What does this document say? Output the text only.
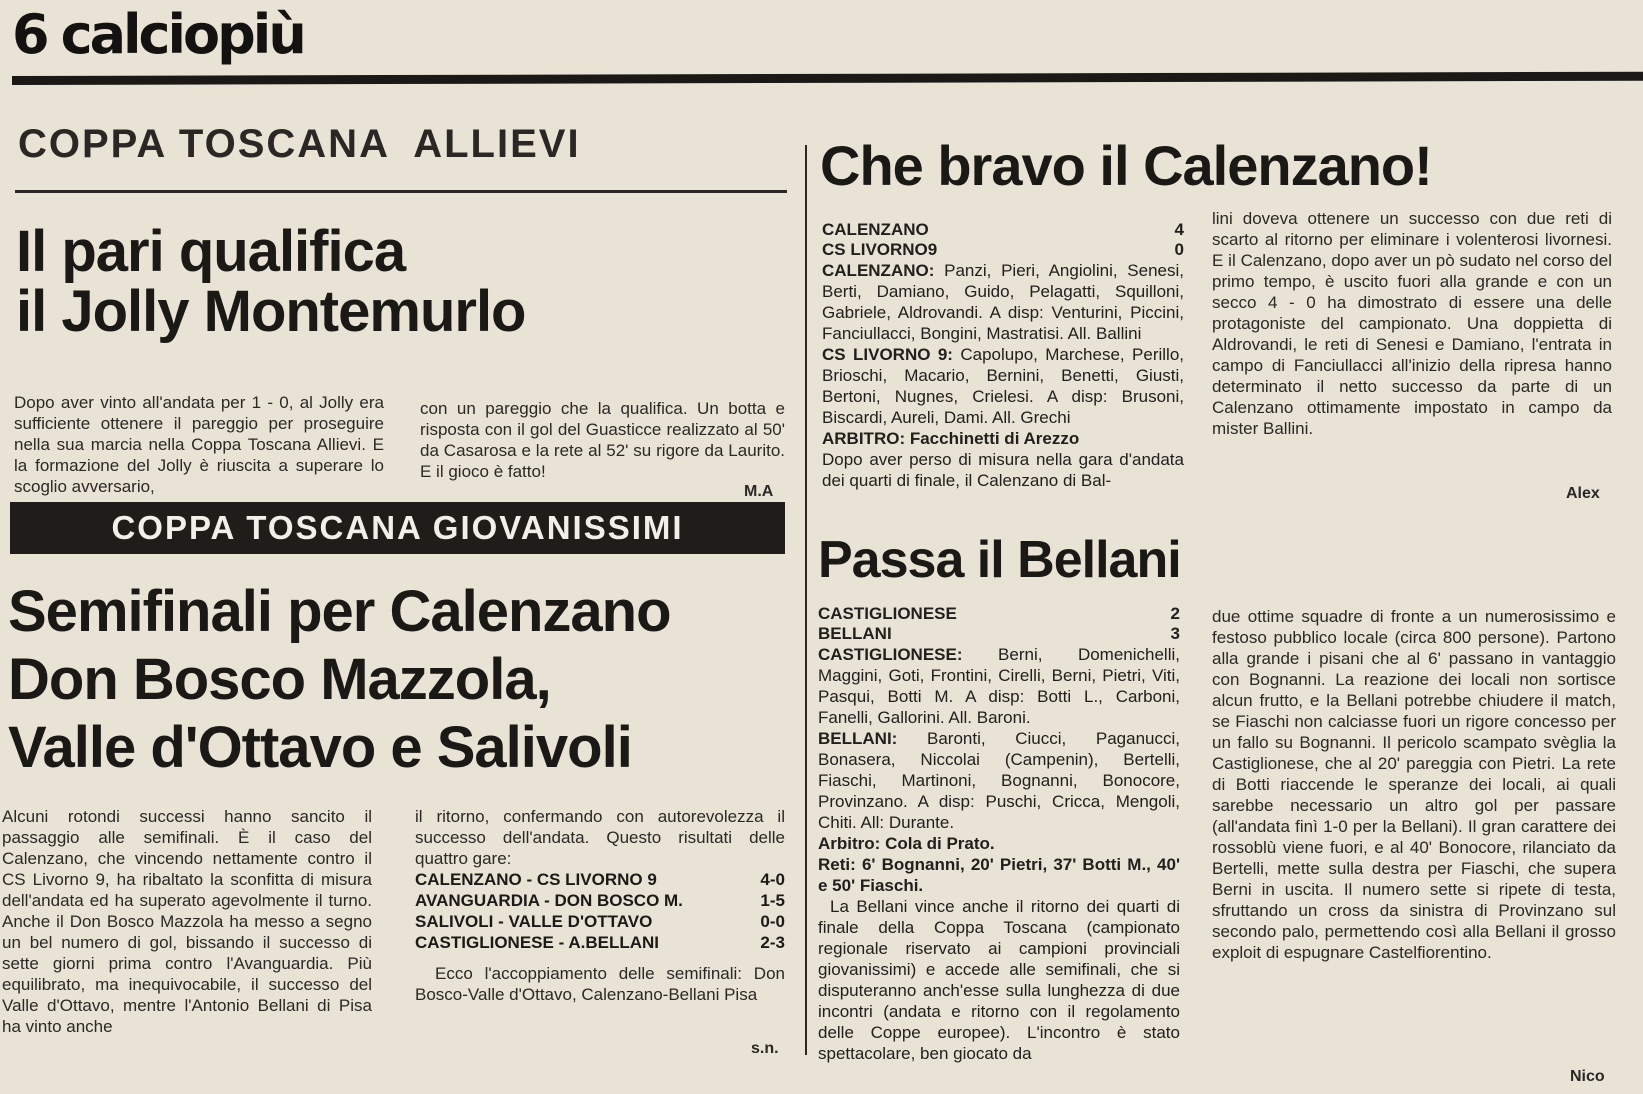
6 calciopiù
COPPA TOSCANA  ALLIEVI
Il pari qualifica
il Jolly Montemurlo
Dopo aver vinto all'andata per 1 - 0, al Jolly era sufficiente ottenere il pareggio per proseguire nella sua marcia nella Coppa Toscana Allievi. E la formazione del Jolly è riuscita a superare lo scoglio avversario,
con un pareggio che la qualifica. Un botta e risposta con il gol del Guasticce realizzato al 50' da Casarosa e la rete al 52' su rigore da Laurito. E il gioco è fatto!
M.A
COPPA TOSCANA GIOVANISSIMI
Semifinali per Calenzano
Don Bosco Mazzola,
Valle d'Ottavo e Salivoli
Alcuni rotondi successi hanno sancito il passaggio alle semifinali. È il caso del Calenzano, che vincendo nettamente contro il CS Livorno 9, ha ribaltato la sconfitta di misura dell'andata ed ha superato agevolmente il turno. Anche il Don Bosco Mazzola ha messo a segno un bel numero di gol, bissando il successo di sette giorni prima contro l'Avanguardia. Più equilibrato, ma inequivocabile, il successo del Valle d'Ottavo, mentre l'Antonio Bellani di Pisa ha vinto anche
il ritorno, confermando con autorevolezza il successo dell'andata. Questo risultati delle quattro gare:
CALENZANO - CS LIVORNO 9	4-0
AVANGUARDIA - DON BOSCO M.	1-5
SALIVOLI - VALLE D'OTTAVO	0-0
CASTIGLIONESE - A.BELLANI	2-3
Ecco l'accoppiamento delle semifinali: Don Bosco-Valle d'Ottavo, Calenzano-Bellani Pisa
s.n.
Che bravo il Calenzano!
CALENZANO	4
CS LIVORNO9	0
CALENZANO: Panzi, Pieri, Angiolini, Senesi, Berti, Damiano, Guido, Pelagatti, Squilloni, Gabriele, Aldrovandi. A disp: Venturini, Piccini, Fanciullacci, Bongini, Mastratisi. All. Ballini
CS LIVORNO 9: Capolupo, Marchese, Perillo, Brioschi, Macario, Bernini, Benetti, Giusti, Bertoni, Nugnes, Crielesi. A disp: Brusoni, Biscardi, Aureli, Dami. All. Grechi
ARBITRO: Facchinetti di Arezzo
Dopo aver perso di misura nella gara d'andata dei quarti di finale, il Calenzano di Bal-
lini doveva ottenere un successo con due reti di scarto al ritorno per eliminare i volenterosi livornesi. E il Calenzano, dopo aver un pò sudato nel corso del primo tempo, è uscito fuori alla grande e con un secco 4 - 0 ha dimostrato di essere una delle protagoniste del campionato. Una doppietta di Aldrovandi, le reti di Senesi e Damiano, l'entrata in campo di Fanciullacci all'inizio della ripresa hanno determinato il netto successo da parte di un Calenzano ottimamente impostato in campo da mister Ballini.
Alex
Passa il Bellani
CASTIGLIONESE	2
BELLANI	3
CASTIGLIONESE: Berni, Domenichelli, Maggini, Goti, Frontini, Cirelli, Berni, Pietri, Viti, Pasqui, Botti M. A disp: Botti L., Carboni, Fanelli, Gallorini. All. Baroni.
BELLANI: Baronti, Ciucci, Paganucci, Bonasera, Niccolai (Campenin), Bertelli, Fiaschi, Martinoni, Bognanni, Bonocore, Provinzano. A disp: Puschi, Cricca, Mengoli, Chiti. All: Durante.
Arbitro: Cola di Prato.
Reti: 6' Bognanni, 20' Pietri, 37' Botti M., 40' e 50' Fiaschi.
La Bellani vince anche il ritorno dei quarti di finale della Coppa Toscana (campionato regionale riservato ai campioni provinciali giovanissimi) e accede alle semifinali, che si disputeranno anch'esse sulla lunghezza di due incontri (andata e ritorno con il regolamento delle Coppe europee). L'incontro è stato spettacolare, ben giocato da
due ottime squadre di fronte a un numerosissimo e festoso pubblico locale (circa 800 persone). Partono alla grande i pisani che al 6' passano in vantaggio con Bognanni. La reazione dei locali non sortisce alcun frutto, e la Bellani potrebbe chiudere il match, se Fiaschi non calciasse fuori un rigore concesso per un fallo su Bognanni. Il pericolo scampato svèglia la Castiglionese, che al 20' pareggia con Pietri. La rete di Botti riaccende le speranze dei locali, ai quali sarebbe necessario un altro gol per passare (all'andata finì 1-0 per la Bellani). Il gran carattere dei rossoblù viene fuori, e al 40' Bonocore, rilanciato da Bertelli, mette sulla destra per Fiaschi, che supera Berni in uscita. Il numero sette si ripete di testa, sfruttando un cross da sinistra di Provinzano sul secondo palo, permettendo così alla Bellani il grosso exploit di espugnare Castelfiorentino.
Nico
